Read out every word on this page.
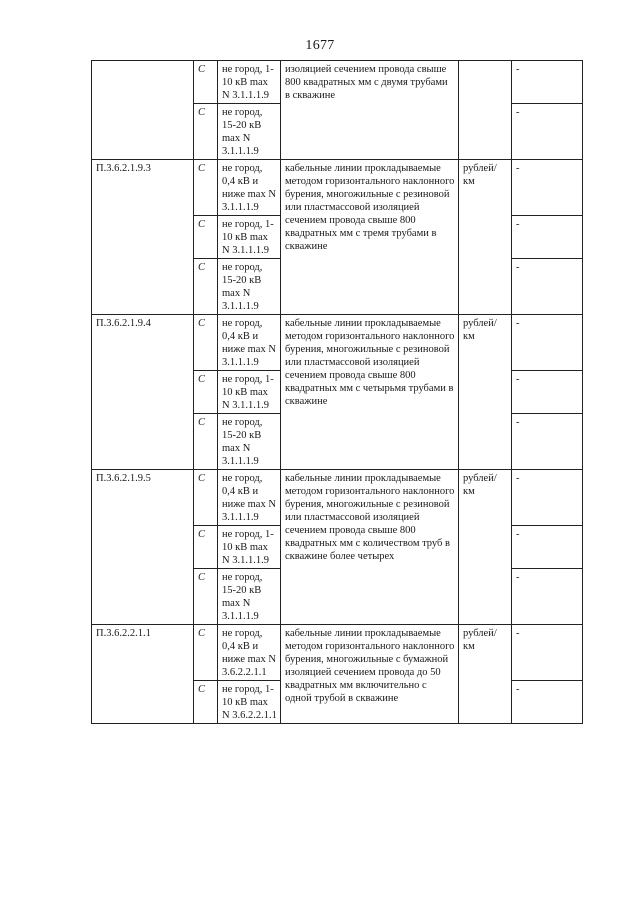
1677
	С	не город, 1-10 кВ max N 3.1.1.1.9	изоляцией сечением провода свыше 800 квадратных мм с двумя трубами в скважине		-
	С	не город, 15-20 кВ max N 3.1.1.1.9			-
П.3.6.2.1.9.3	С	не город, 0,4 кВ и ниже max N 3.1.1.1.9	кабельные линии прокладываемые методом горизонтального наклонного бурения, многожильные с резиновой или пластмассовой изоляцией сечением провода свыше 800 квадратных мм с тремя трубами в скважине	рублей/ км	-
	С	не город, 1-10 кВ max N 3.1.1.1.9			-
	С	не город, 15-20 кВ max N 3.1.1.1.9			-
П.3.6.2.1.9.4	С	не город, 0,4 кВ и ниже max N 3.1.1.1.9	кабельные линии прокладываемые методом горизонтального наклонного бурения, многожильные с резиновой или пластмассовой изоляцией сечением провода свыше 800 квадратных мм с четырьмя трубами в скважине	рублей/ км	-
	С	не город, 1-10 кВ max N 3.1.1.1.9			-
	С	не город, 15-20 кВ max N 3.1.1.1.9			-
П.3.6.2.1.9.5	С	не город, 0,4 кВ и ниже max N 3.1.1.1.9	кабельные линии прокладываемые методом горизонтального наклонного бурения, многожильные с резиновой или пластмассовой изоляцией сечением провода свыше 800 квадратных мм с количеством труб в скважине более четырех	рублей/ км	-
	С	не город, 1-10 кВ max N 3.1.1.1.9			-
	С	не город, 15-20 кВ max N 3.1.1.1.9			-
П.3.6.2.2.1.1	С	не город, 0,4 кВ и ниже max N 3.6.2.2.1.1	кабельные линии прокладываемые методом горизонтального наклонного бурения, многожильные с бумажной изоляцией сечением провода до 50 квадратных мм включительно с одной трубой в скважине	рублей/ км	-
	С	не город, 1-10 кВ max N 3.6.2.2.1.1			-
